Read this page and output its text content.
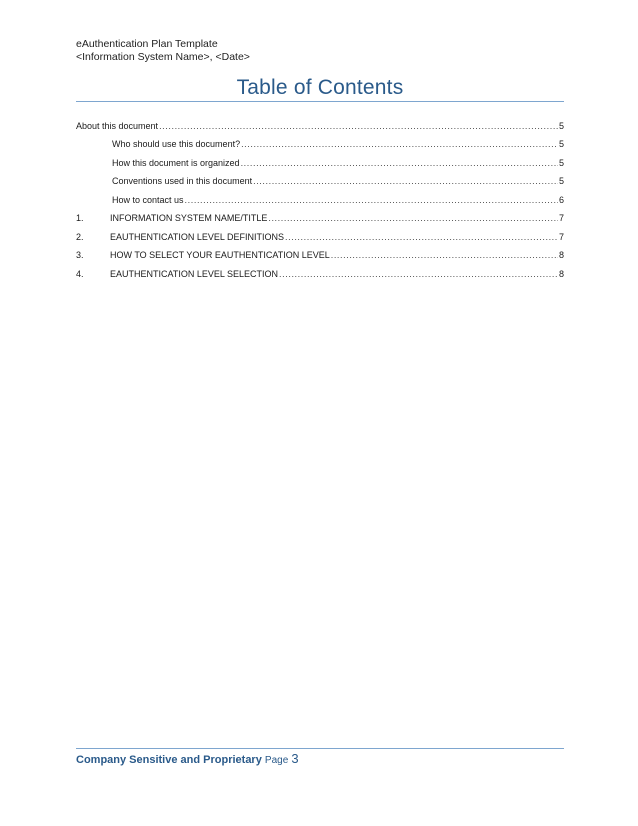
eAuthentication Plan Template
<Information System Name>, <Date>
Table of Contents
About this document .....	5
Who should use this document? .....	5
How this document is organized .....	5
Conventions used in this document .....	5
How to contact us .....	6
1.	INFORMATION SYSTEM NAME/TITLE .....	7
2.	EAUTHENTICATION LEVEL DEFINITIONS .....	7
3.	HOW TO SELECT YOUR EAUTHENTICATION LEVEL .....	8
4.	EAUTHENTICATION LEVEL SELECTION .....	8
Company Sensitive and Proprietary Page 3
